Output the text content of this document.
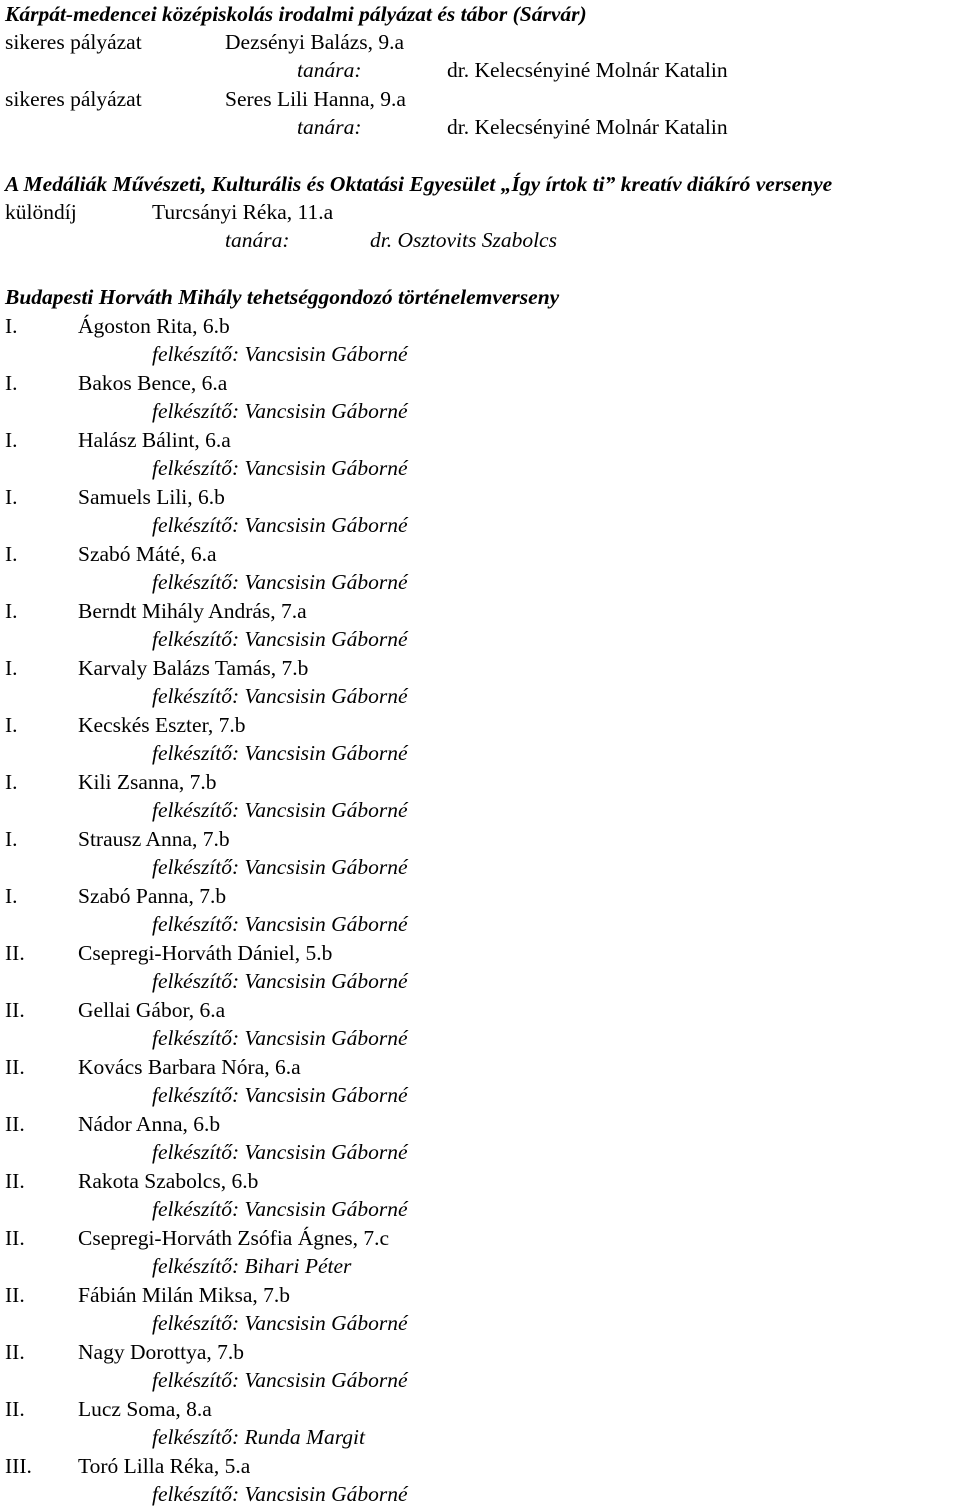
Kárpát-medencei középiskolás irodalmi pályázat és tábor (Sárvár)
sikeres pályázat	Dezsényi Balázs, 9.a
tanára:	dr. Kelecsényiné Molnár Katalin
sikeres pályázat	Seres Lili Hanna, 9.a
tanára:	dr. Kelecsényiné Molnár Katalin
A Medáliák Művészeti, Kulturális és Oktatási Egyesület „Így írtok ti” kreatív diákíró versenye
különdíj	Turcsányi Réka, 11.a
tanára:	dr. Osztovits Szabolcs
Budapesti Horváth Mihály tehetséggondozó történelemverseny
I.	Ágoston Rita, 6.b
felkészítő: Vancsisin Gáborné
I.	Bakos Bence, 6.a
felkészítő: Vancsisin Gáborné
I.	Halász Bálint, 6.a
felkészítő: Vancsisin Gáborné
I.	Samuels Lili, 6.b
felkészítő: Vancsisin Gáborné
I.	Szabó Máté, 6.a
felkészítő: Vancsisin Gáborné
I.	Berndt Mihály András, 7.a
felkészítő: Vancsisin Gáborné
I.	Karvaly Balázs Tamás, 7.b
felkészítő: Vancsisin Gáborné
I.	Kecskés Eszter, 7.b
felkészítő: Vancsisin Gáborné
I.	Kili Zsanna, 7.b
felkészítő: Vancsisin Gáborné
I.	Strausz Anna, 7.b
felkészítő: Vancsisin Gáborné
I.	Szabó Panna, 7.b
felkészítő: Vancsisin Gáborné
II. Csepregi-Horváth Dániel, 5.b
felkészítő: Vancsisin Gáborné
II. Gellai Gábor, 6.a
felkészítő: Vancsisin Gáborné
II. Kovács Barbara Nóra, 6.a
felkészítő: Vancsisin Gáborné
II. Nádor Anna, 6.b
felkészítő: Vancsisin Gáborné
II. Rakota Szabolcs, 6.b
felkészítő: Vancsisin Gáborné
II. Csepregi-Horváth Zsófia Ágnes, 7.c
felkészítő: Bihari Péter
II. Fábián Milán Miksa, 7.b
felkészítő: Vancsisin Gáborné
II. Nagy Dorottya, 7.b
felkészítő: Vancsisin Gáborné
II. Lucz Soma, 8.a
felkészítő: Runda Margit
III. Toró Lilla Réka, 5.a
felkészítő: Vancsisin Gáborné
